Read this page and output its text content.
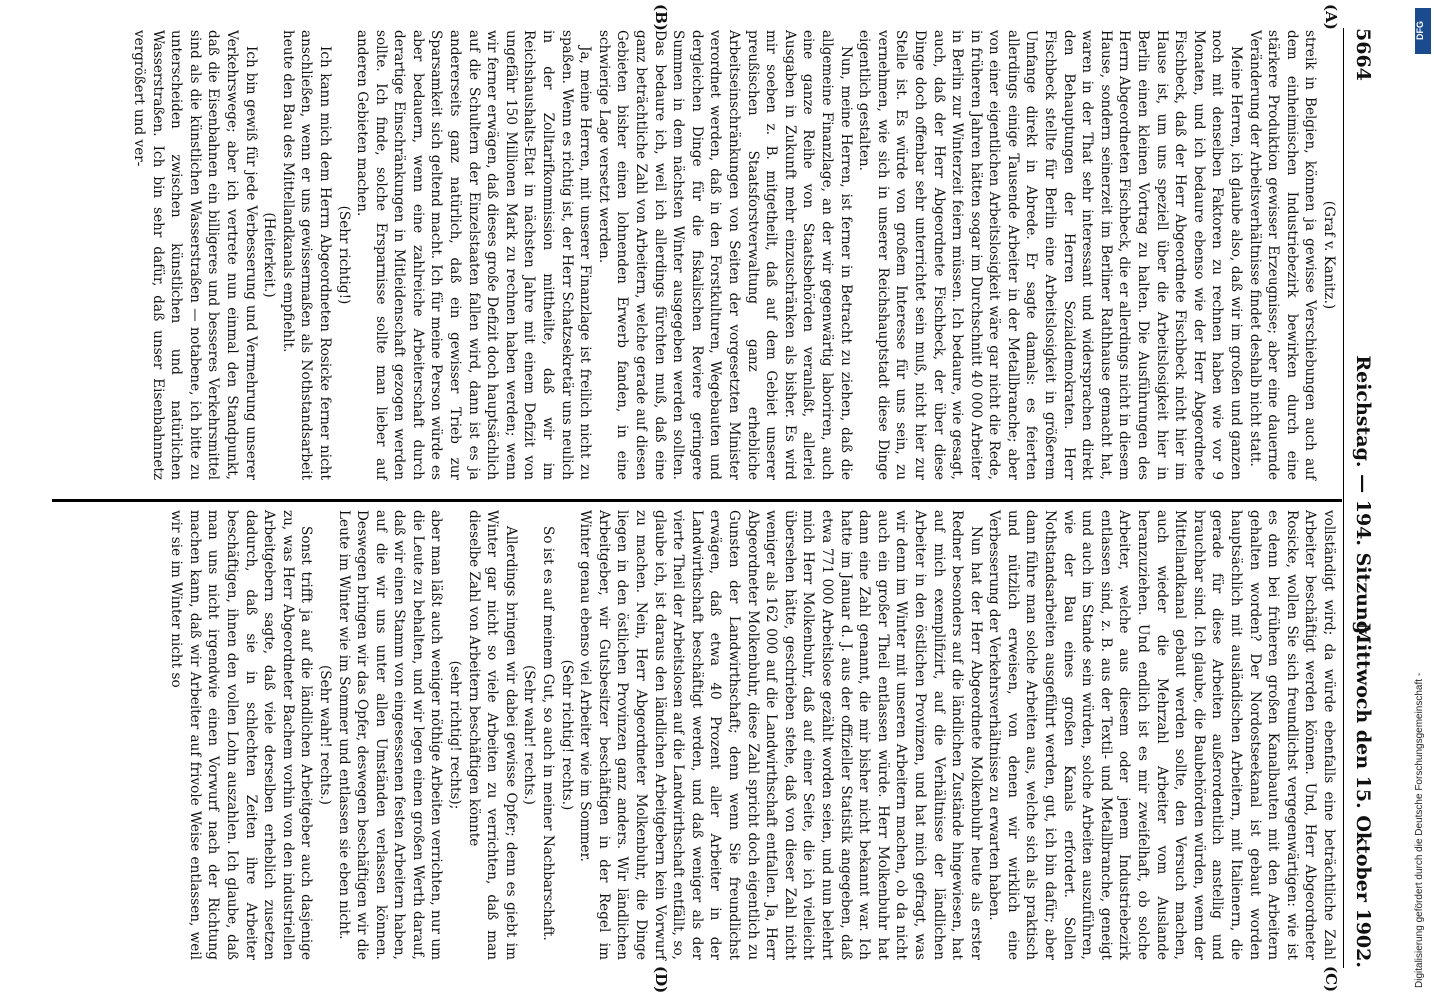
5664
Reichstag. — 194. Sitzung.
Mittwoch den 15. Oktober 1902.
(A)
(B)
(C)
(D)

(Graf v. Kanitz.)

streik in Belgien, können ja gewisse Verschiebungen auch auf dem einheimischen Industriebezirk bewirken durch eine stärkere Produktion gewisser Erzeugnisse; aber eine dauernde Veränderung der Arbeitsverhältnisse findet deshalb nicht statt.

Meine Herren, ich glaube also, daß wir im großen und ganzen noch mit denselben Faktoren zu rechnen haben wie vor 9 Monaten, und ich bedaure ebenso wie der Herr Abgeordnete Fischbeck, daß der Herr Abgeordnete Fischbeck nicht hier im Hause ist, um uns speziell über die Arbeitslosigkeit hier in Berlin einen kleinen Vortrag zu halten. Die Ausführungen des Herrn Abgeordneten Fischbeck, die er allerdings nicht in diesem Hause, sondern seinerzeit im Berliner Rathhause gemacht hat, waren in der That sehr interessant und widersprachen direkt den Behauptungen der Herren Sozialdemokraten. Herr Fischbeck stellte für Berlin eine Arbeitslosigkeit in größerem Umfange direkt in Abrede. Er sagte damals: es feierten allerdings einige Tausende Arbeiter in der Metallbranche; aber von einer eigentlichen Arbeitslosigkeit wäre gar nicht die Rede, in früheren Jahren hätten sogar im Durchschnitt 40 000 Arbeiter in Berlin zur Winterzeit feiern müssen. Ich bedaure, wie gesagt, auch, daß der Herr Abgeordnete Fischbeck, der über diese Dinge doch offenbar sehr unterrichtet sein muß, nicht hier zur Stelle ist. Es würde von großem Interesse für uns sein, zu vernehmen, wie sich in unserer Reichshauptstadt diese Dinge eigentlich gestalten.

Nun, meine Herren, ist ferner in Betracht zu ziehen, daß die allgemeine Finanzlage, an der wir gegenwärtig laboriren, auch eine ganze Reihe von Staatsbehörden veranlaßt, allerlei Ausgaben in Zukunft mehr einzuschränken als bisher. Es wird mir soeben z. B. mitgetheilt, daß auf dem Gebiet unserer preußischen Staatsforstverwaltung ganz erhebliche Arbeitseinschränkungen von Seiten der vorgesetzten Minister verordnet werden, daß in den Forstkulturen, Wegebauten und dergleichen Dinge für die fiskalischen Reviere geringere Summen in dem nächsten Winter ausgegeben werden sollten. Das bedaure ich, weil ich allerdings fürchten muß, daß eine ganz beträchtliche Zahl von Arbeitern, welche gerade auf diesen Gebieten bisher einen lohnenden Erwerb fanden, in eine schwierige Lage versetzt werden.

Ja, meine Herren, mit unserer Finanzlage ist freilich nicht zu spaßen. Wenn es richtig ist, der Herr Schatzsekretär uns neulich in der Zolltarifkommission mittheilte, daß wir im Reichshaushalts-Etat in nächsten Jahre mit einem Defizit von ungefähr 150 Millionen Mark zu rechnen haben werden; wenn wir ferner erwägen, daß dieses große Defizit doch hauptsächlich auf die Schultern der Einzelstaaten fallen wird, dann ist es ja andererseits ganz natürlich, daß ein gewisser Trieb zur Sparsamkeit sich geltend macht. Ich für meine Person würde es aber bedauern, wenn eine zahlreiche Arbeiterschaft durch derartige Einschränkungen in Mitleidenschaft gezogen werden sollte. Ich finde, solche Ersparnisse sollte man lieber auf anderen Gebieten machen.

(Sehr richtig!)

Ich kann mich dem Herrn Abgeordneten Rosicke ferner nicht anschließen, wenn er uns gewissermaßen als Nothstandsarbeit heute den Bau des Mittellandkanals empfiehlt.

(Heiterkeit.)

Ich bin gewiß für jede Verbesserung und Vermehrung unserer Verkehrswege; aber ich vertrete nun einmal den Standpunkt, daß die Eisenbahnen ein billigeres und besseres Verkehrsmittel sind als die künstlichen Wasserstraßen — notabene, ich bitte zu unterscheiden zwischen künstlichen und natürlichen Wasserstraßen. Ich bin sehr dafür, daß unser Eisenbahnnetz vergrößert und ver-

vollständigt wird; da würde ebenfalls eine beträchtliche Zahl Arbeiter beschäftigt werden können. Und, Herr Abgeordneter Rosicke, wollen Sie sich freundlichst vergegenwärtigen: wie ist es denn bei früheren großen Kanalbauten mit den Arbeitern gehalten worden? Der Nordostseekanal ist gebaut worden hauptsächlich mit ausländischen Arbeitern, mit Italienern, die gerade für diese Arbeiten außerordentlich anstellig und brauchbar sind. Ich glaube, die Baubehörden würden, wenn der Mittellandkanal gebaut werden sollte, den Versuch machen, auch wieder die Mehrzahl Arbeiter vom Auslande heranzuziehen. Und endlich ist es mir zweifelhaft, ob solche Arbeiter, welche aus diesem oder jenem Industriebezirk entlassen sind, z. B. aus der Textil- und Metallbranche, geneigt und auch im Stande sein würden, solche Arbeiten auszuführen, wie der Bau eines großen Kanals erfordert. Sollen Nothstandsarbeiten ausgeführt werden, gut, ich bin dafür; aber dann führe man solche Arbeiten aus, welche sich als praktisch und nützlich erweisen, von denen wir wirklich eine Verbesserung der Verkehrsverhältnisse zu erwarten haben.

Nun hat der Herr Abgeordnete Molkenbuhr heute als erster Redner besonders auf die ländlichen Zustände hingewiesen, hat auf mich exemplifizirt, auf die Verhältnisse der ländlichen Arbeiter in den östlichen Provinzen, und hat mich gefragt, was wir denn im Winter mit unseren Arbeitern machen, ob da nicht auch ein großer Theil entlassen würde. Herr Molkenbuhr hat dann eine Zahl genannt, die mir bisher nicht bekannt war. Ich hatte im Januar d. J. aus der offizieller Statistik angegeben, daß etwa 771 000 Arbeitslose gezählt worden seien, und nun belehrt mich Herr Molkenbuhr, daß auf einer Seite, die ich vielleicht übersehen hätte, geschrieben stehe, daß von dieser Zahl nicht weniger als 162 000 auf die Landwirthschaft entfallen. Ja, Herr Abgeordneter Molkenbuhr, diese Zahl spricht doch eigentlich zu Gunsten der Landwirthschaft; denn wenn Sie freundlichst erwägen, daß etwa 40 Prozent aller Arbeiter in der Landwirthschaft beschäftigt werden, und daß weniger als der vierte Theil der Arbeitslosen auf die Landwirthschaft entfällt, so, glaube ich, ist daraus den ländlichen Arbeitgebern kein Vorwurf zu machen. Nein, Herr Abgeordneter Molkenbuhr, die Dinge liegen in den östlichen Provinzen ganz anders. Wir ländlichen Arbeitgeber, wir Gutsbesitzer beschäftigen in der Regel im Winter genau ebenso viel Arbeiter wie im Sommer.

(Sehr richtig! rechts.)

So ist es auf meinem Gut, so auch in meiner Nachbarschaft.

(Sehr wahr! rechts.)

Allerdings bringen wir dabei gewisse Opfer; denn es giebt im Winter gar nicht so viele Arbeiten zu verrichten, daß man dieselbe Zahl von Arbeitern beschäftigen könnte

(sehr richtig! rechts);

aber man läßt auch weniger nöthige Arbeiten verrichten, nur um die Leute zu behalten, und wir legen einen großen Werth darauf, daß wir einen Stamm von eingesessenen festen Arbeitern haben, auf die wir uns unter allen Umständen verlassen können. Deswegen bringen wir das Opfer, deswegen beschäftigen wir die Leute im Winter wie im Sommer und entlassen sie eben nicht.

(Sehr wahr! rechts.)

Sonst trifft ja auf die ländlichen Arbeitgeber auch dasjenige zu, was Herr Abgeordneter Bachem vorhin von den industriellen Arbeitgebern sagte, daß viele derselben erheblich zusetzen dadurch, daß sie in schlechten Zeiten ihre Arbeiter beschäftigen, ihnen den vollen Lohn auszahlen. Ich glaube, daß man uns nicht irgendwie einen Vorwurf nach der Richtung machen kann, daß wir Arbeiter auf frivole Weise entlassen, weil wir sie im Winter nicht so

Digitalisierung gefördert durch die Deutsche Forschungsgemeinschaft -
DFG
